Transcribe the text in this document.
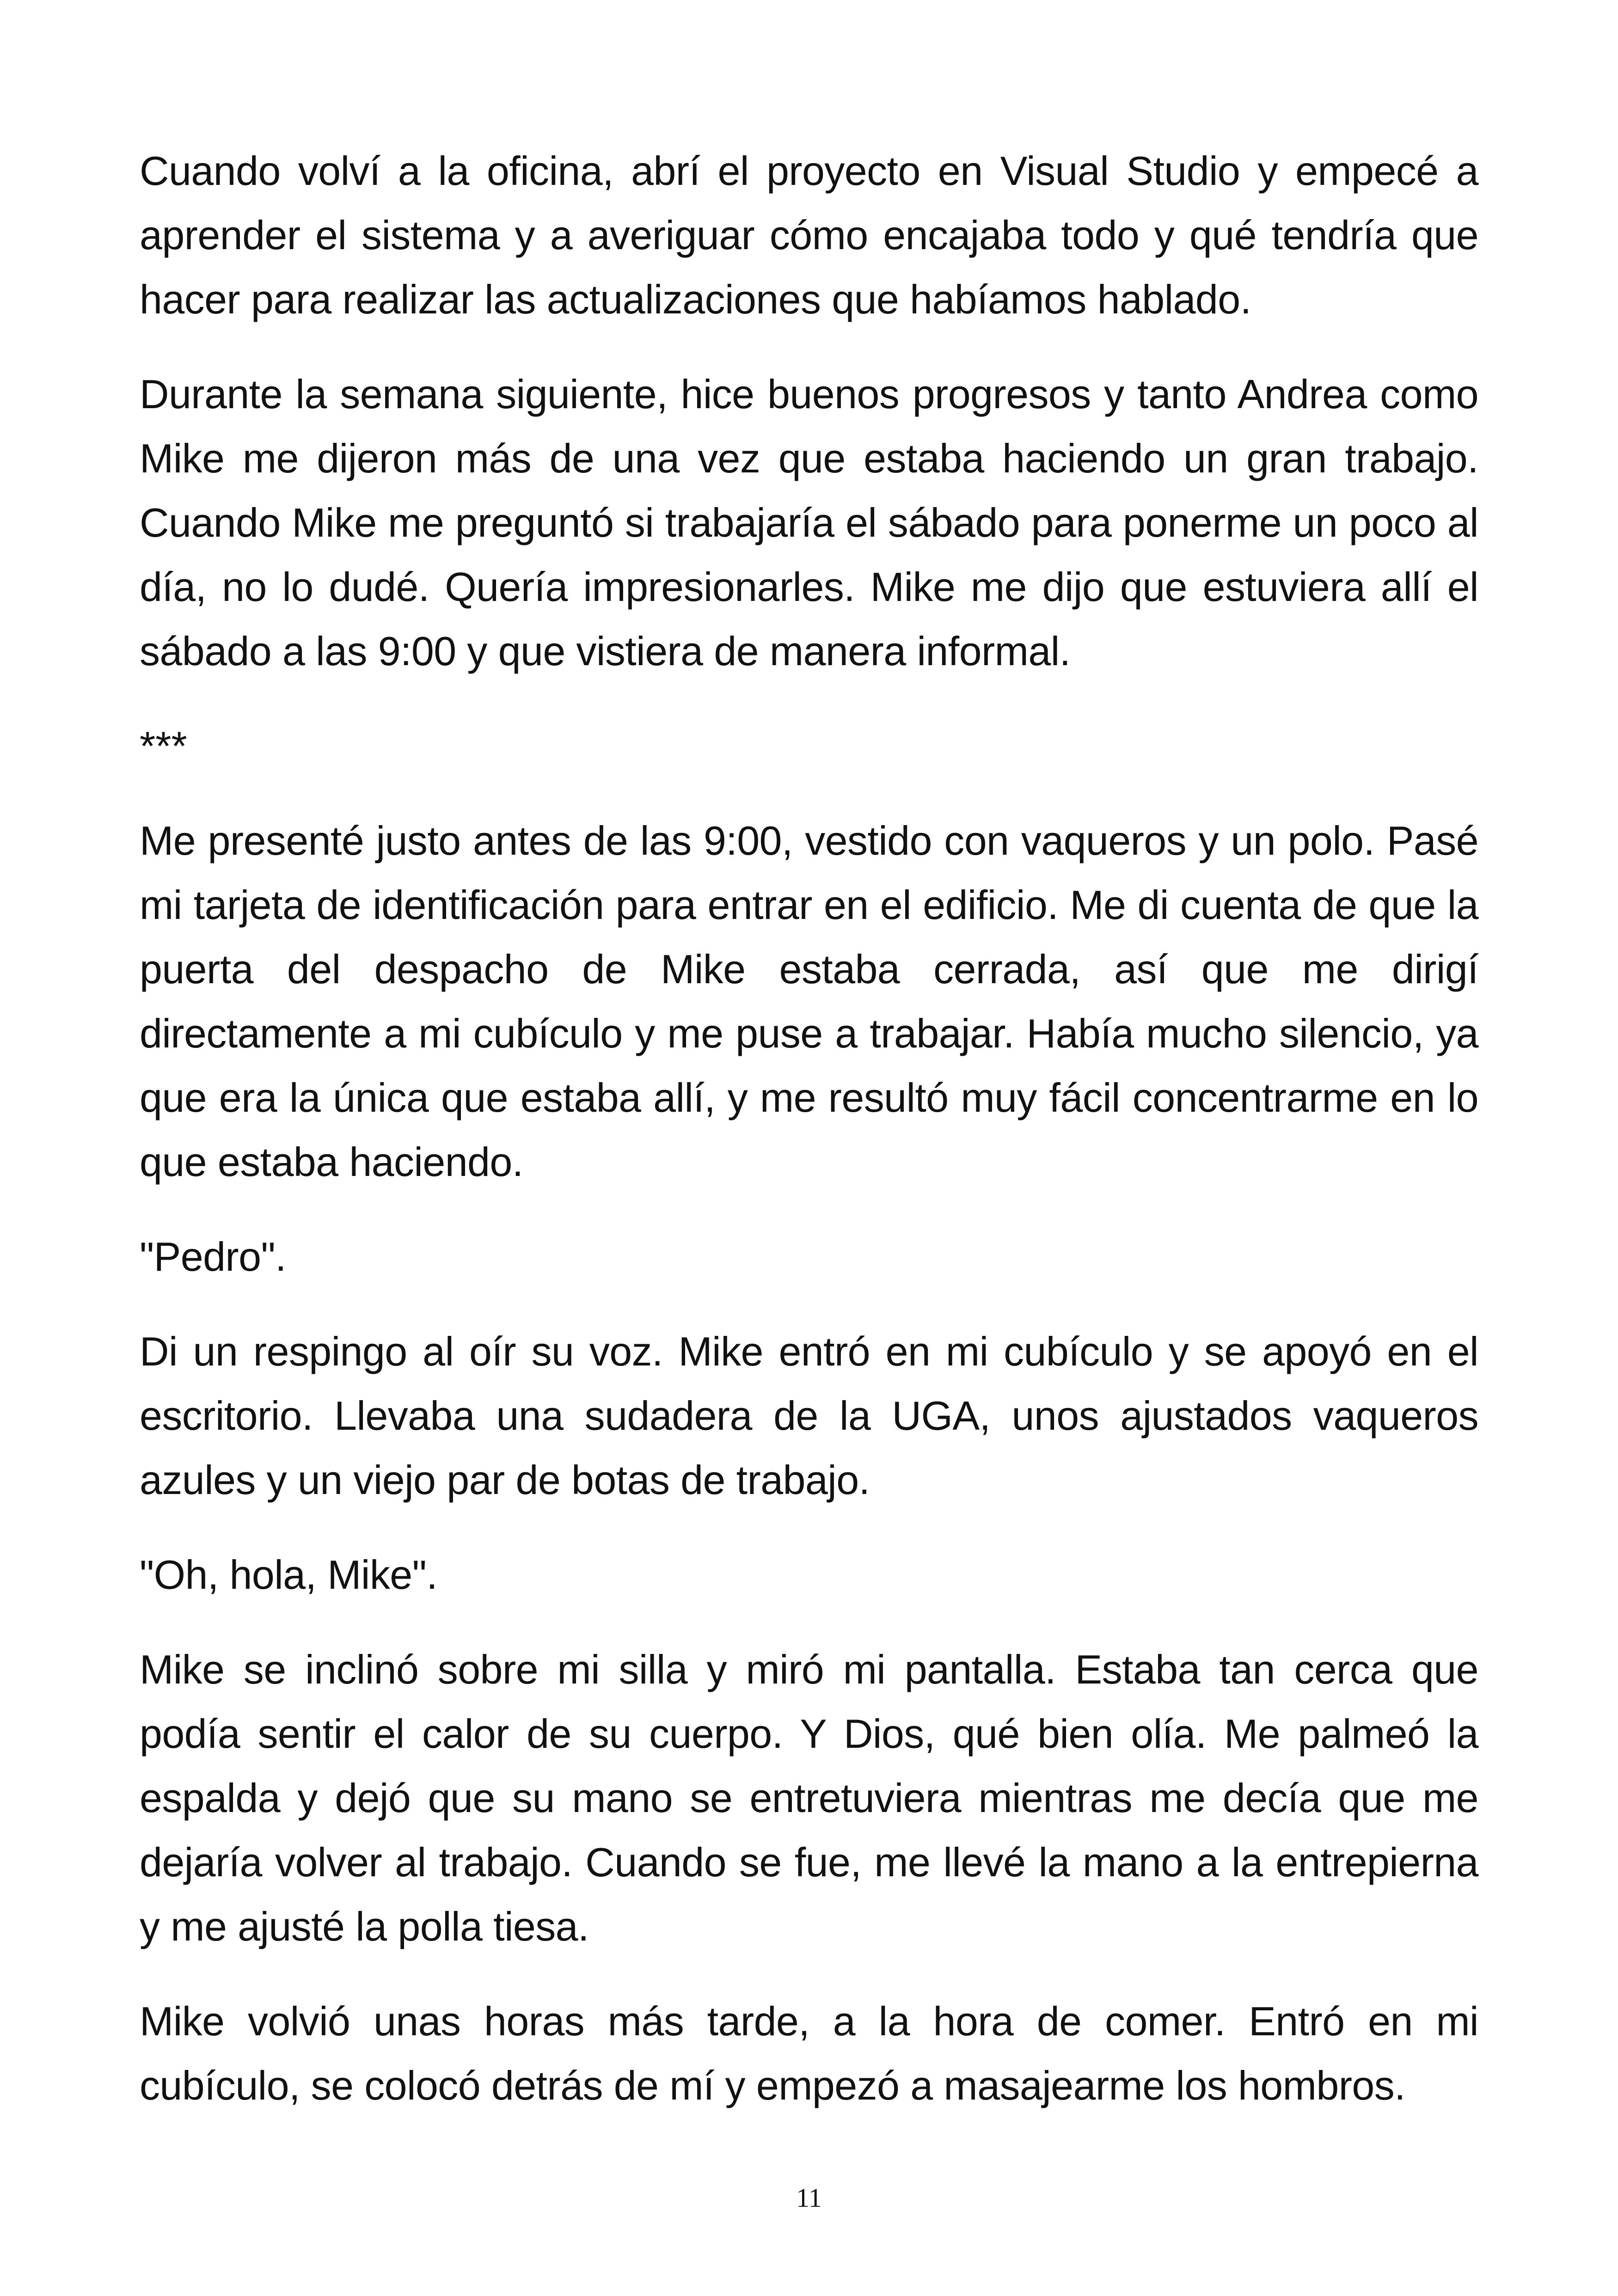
Cuando volví a la oficina, abrí el proyecto en Visual Studio y empecé a aprender el sistema y a averiguar cómo encajaba todo y qué tendría que hacer para realizar las actualizaciones que habíamos hablado.

Durante la semana siguiente, hice buenos progresos y tanto Andrea como Mike me dijeron más de una vez que estaba haciendo un gran trabajo. Cuando Mike me preguntó si trabajaría el sábado para ponerme un poco al día, no lo dudé. Quería impresionarles. Mike me dijo que estuviera allí el sábado a las 9:00 y que vistiera de manera informal.

***

Me presenté justo antes de las 9:00, vestido con vaqueros y un polo. Pasé mi tarjeta de identificación para entrar en el edificio. Me di cuenta de que la puerta del despacho de Mike estaba cerrada, así que me dirigí directamente a mi cubículo y me puse a trabajar. Había mucho silencio, ya que era la única que estaba allí, y me resultó muy fácil concentrarme en lo que estaba haciendo.

"Pedro".

Di un respingo al oír su voz. Mike entró en mi cubículo y se apoyó en el escritorio. Llevaba una sudadera de la UGA, unos ajustados vaqueros azules y un viejo par de botas de trabajo.

"Oh, hola, Mike".

Mike se inclinó sobre mi silla y miró mi pantalla. Estaba tan cerca que podía sentir el calor de su cuerpo. Y Dios, qué bien olía. Me palmeó la espalda y dejó que su mano se entretuviera mientras me decía que me dejaría volver al trabajo. Cuando se fue, me llevé la mano a la entrepierna y me ajusté la polla tiesa.

Mike volvió unas horas más tarde, a la hora de comer. Entró en mi cubículo, se colocó detrás de mí y empezó a masajearme los hombros.

11
